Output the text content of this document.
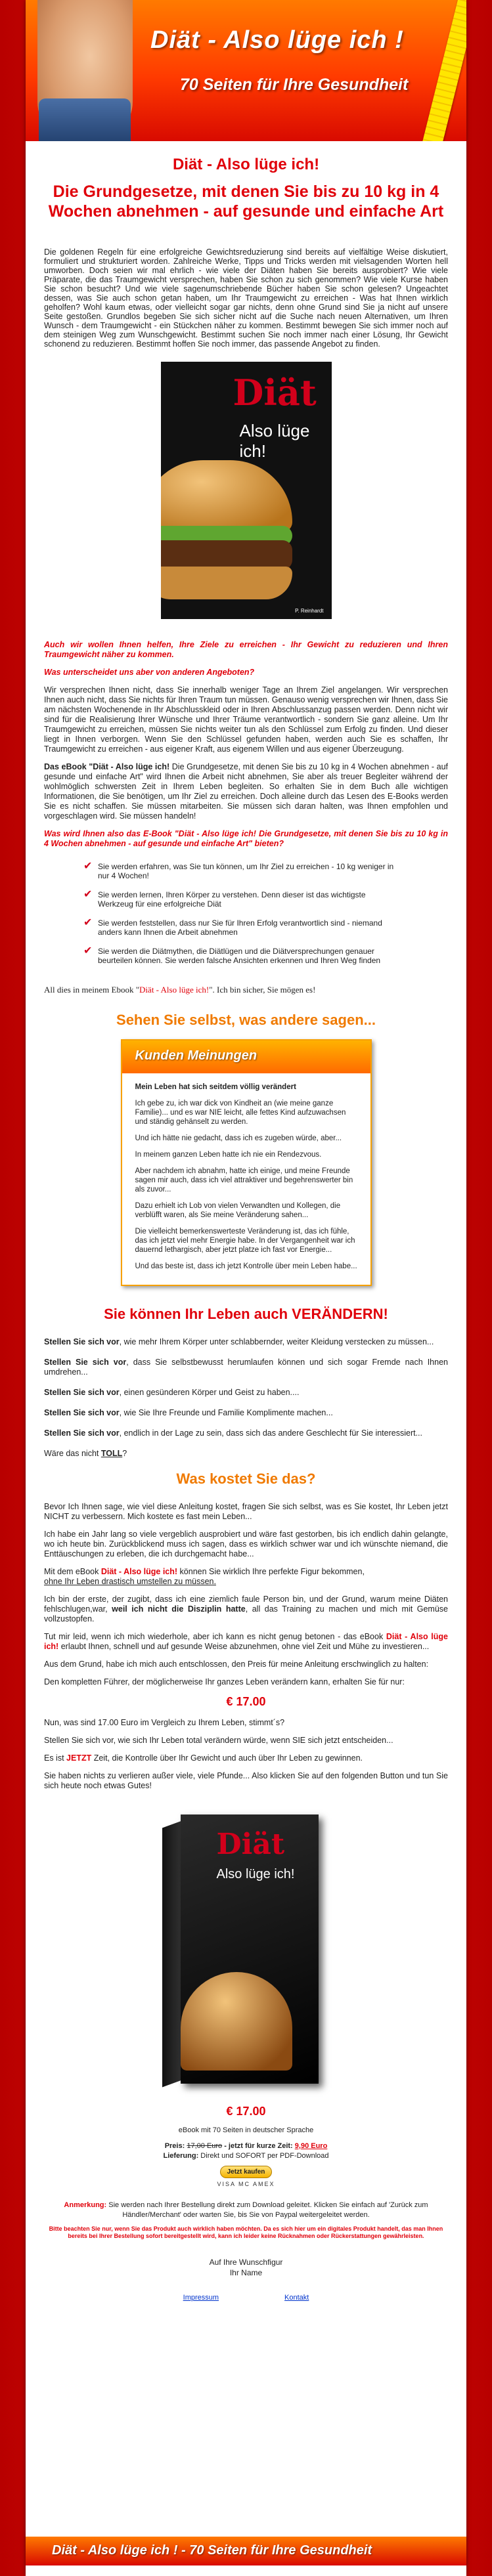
Diät - Also lüge ich !
70 Seiten für Ihre Gesundheit
Diät - Also lüge ich!
Die Grundgesetze, mit denen Sie bis zu 10 kg in 4 Wochen abnehmen - auf gesunde und einfache Art

Die goldenen Regeln für eine erfolgreiche Gewichtsreduzierung sind bereits auf vielfältige Weise diskutiert, formuliert und strukturiert worden. Zahlreiche Werke, Tipps und Tricks werden mit vielsagenden Worten hell umworben. Doch seien wir mal ehrlich - wie viele der Diäten haben Sie bereits ausprobiert? Wie viele Präparate, die das Traumgewicht versprechen, haben Sie schon zu sich genommen? Wie viele Kurse haben Sie schon besucht? Und wie viele sagenumschriebende Bücher haben Sie schon gelesen? Ungeachtet dessen, was Sie auch schon getan haben, um Ihr Traumgewicht zu erreichen - Was hat Ihnen wirklich geholfen? Wohl kaum etwas, oder vielleicht sogar gar nichts, denn ohne Grund sind Sie ja nicht auf unsere Seite gestoßen. Grundlos begeben Sie sich sicher nicht auf die Suche nach neuen Alternativen, um Ihren Wunsch - dem Traumgewicht - ein Stückchen näher zu kommen. Bestimmt bewegen Sie sich immer noch auf dem steinigen Weg zum Wunschgewicht. Bestimmt suchen Sie noch immer nach einer Lösung, Ihr Gewicht schonend zu reduzieren. Bestimmt hoffen Sie noch immer, das passende Angebot zu finden.

Diät
Also lüge ich!
P. Reinhardt

Auch wir wollen Ihnen helfen, Ihre Ziele zu erreichen - Ihr Gewicht zu reduzieren und Ihren Traumgewicht näher zu kommen.

Was unterscheidet uns aber von anderen Angeboten?

Wir versprechen Ihnen nicht, dass Sie innerhalb weniger Tage an Ihrem Ziel angelangen. Wir versprechen Ihnen auch nicht, dass Sie nichts für Ihren Traum tun müssen. Genauso wenig versprechen wir Ihnen, dass Sie am nächsten Wochenende in Ihr Abschlusskleid oder in Ihren Abschlussanzug passen werden. Denn nicht wir sind für die Realisierung Ihrer Wünsche und Ihrer Träume verantwortlich - sondern Sie ganz alleine. Um Ihr Traumgewicht zu erreichen, müssen Sie nichts weiter tun als den Schlüssel zum Erfolg zu finden. Und dieser liegt in Ihnen verborgen. Wenn Sie den Schlüssel gefunden haben, werden auch Sie es schaffen, Ihr Traumgewicht zu erreichen - aus eigener Kraft, aus eigenem Willen und aus eigener Überzeugung.

Das eBook "Diät - Also lüge ich! Die Grundgesetze, mit denen Sie bis zu 10 kg in 4 Wochen abnehmen - auf gesunde und einfache Art" wird Ihnen die Arbeit nicht abnehmen, Sie aber als treuer Begleiter während der wohlmöglich schwersten Zeit in Ihrem Leben begleiten. So erhalten Sie in dem Buch alle wichtigen Informationen, die Sie benötigen, um Ihr Ziel zu erreichen. Doch alleine durch das Lesen des E-Books werden Sie es nicht schaffen. Sie müssen mitarbeiten. Sie müssen sich daran halten, was Ihnen empfohlen und vorgeschlagen wird. Sie müssen handeln!

Was wird Ihnen also das E-Book "Diät - Also lüge ich! Die Grundgesetze, mit denen Sie bis zu 10 kg in 4 Wochen abnehmen - auf gesunde und einfache Art" bieten?

✔ Sie werden erfahren, was Sie tun können, um Ihr Ziel zu erreichen - 10 kg weniger in nur 4 Wochen!
✔ Sie werden lernen, Ihren Körper zu verstehen. Denn dieser ist das wichtigste Werkzeug für eine erfolgreiche Diät
✔ Sie werden feststellen, dass nur Sie für Ihren Erfolg verantwortlich sind - niemand anders kann Ihnen die Arbeit abnehmen
✔ Sie werden die Diätmythen, die Diätlügen und die Diätversprechungen genauer beurteilen können. Sie werden falsche Ansichten erkennen und Ihren Weg finden

All dies in meinem Ebook "Diät - Also lüge ich!". Ich bin sicher, Sie mögen es!

Sehen Sie selbst, was andere sagen...
Kunden Meinungen

Mein Leben hat sich seitdem völlig verändert

Ich gebe zu, ich war dick von Kindheit an (wie meine ganze Familie)... und es war NIE leicht, alle fettes Kind aufzuwachsen und ständig gehänselt zu werden.

Und ich hätte nie gedacht, dass ich es zugeben würde, aber...

In meinem ganzen Leben hatte ich nie ein Rendezvous.

Aber nachdem ich abnahm, hatte ich einige, und meine Freunde sagen mir auch, dass ich viel attraktiver und begehrenswerter bin als zuvor...

Dazu erhielt ich Lob von vielen Verwandten und Kollegen, die verblüfft waren, als Sie meine Veränderung sahen...

Die vielleicht bemerkenswerteste Veränderung ist, das ich fühle, das ich jetzt viel mehr Energie habe. In der Vergangenheit war ich dauernd lethargisch, aber jetzt platze ich fast vor Energie...

Und das beste ist, dass ich jetzt Kontrolle über mein Leben habe...

Sie können Ihr Leben auch VERÄNDERN!

Stellen Sie sich vor, wie mehr Ihrem Körper unter schlabbernder, weiter Kleidung verstecken zu müssen...

Stellen Sie sich vor, dass Sie selbstbewusst herumlaufen können und sich sogar Fremde nach Ihnen umdrehen...

Stellen Sie sich vor, einen gesünderen Körper und Geist zu haben....

Stellen Sie sich vor, wie Sie Ihre Freunde und Familie Komplimente machen...

Stellen Sie sich vor, endlich in der Lage zu sein, dass sich das andere Geschlecht für Sie interessiert...

Wäre das nicht TOLL?

Was kostet Sie das?

Bevor Ich Ihnen sage, wie viel diese Anleitung kostet, fragen Sie sich selbst, was es Sie kostet, Ihr Leben jetzt NICHT zu verbessern. Mich kostete es fast mein Leben...

Ich habe ein Jahr lang so viele vergeblich ausprobiert und wäre fast gestorben, bis ich endlich dahin gelangte, wo ich heute bin. Zurückblickend muss ich sagen, dass es wirklich schwer war und ich wünschte niemand, die Enttäuschungen zu erleben, die ich durchgemacht habe...

Mit dem eBook Diät - Also lüge ich! können Sie wirklich Ihre perfekte Figur bekommen,
ohne Ihr Leben drastisch umstellen zu müssen.

Ich bin der erste, der zugibt, dass ich eine ziemlich faule Person bin, und der Grund, warum meine Diäten fehlschlugen,war, weil ich nicht die Disziplin hatte, all das Training zu machen und mich mit Gemüse vollzustopfen.

Tut mir leid, wenn ich mich wiederhole, aber ich kann es nicht genug betonen - das eBook Diät - Also lüge ich! erlaubt Ihnen, schnell und auf gesunde Weise abzunehmen, ohne viel Zeit und Mühe zu investieren...

Aus dem Grund, habe ich mich auch entschlossen, den Preis für meine Anleitung erschwinglich zu halten:

Den kompletten Führer, der möglicherweise Ihr ganzes Leben verändern kann, erhalten Sie für nur:

€ 17.00

Nun, was sind 17.00 Euro im Vergleich zu Ihrem Leben, stimmt´s?

Stellen Sie sich vor, wie sich Ihr Leben total verändern würde, wenn SIE sich jetzt entscheiden...

Es ist JETZT Zeit, die Kontrolle über Ihr Gewicht und auch über Ihr Leben zu gewinnen.

Sie haben nichts zu verlieren außer viele, viele Pfunde... Also klicken Sie auf den folgenden Button und tun Sie sich heute noch etwas Gutes!

Diät
Also lüge ich!
€ 17.00
eBook mit 70 Seiten in deutscher Sprache
Preis: 17,00 Euro - jetzt für kurze Zeit: 9,90 Euro
Lieferung: Direkt und SOFORT per PDF-Download
Jetzt kaufen
VISA MC AMEX

Anmerkung: Sie werden nach Ihrer Bestellung direkt zum Download geleitet. Klicken Sie einfach auf 'Zurück zum Händler/Merchant' oder warten Sie, bis Sie von Paypal weitergeleitet werden.

Bitte beachten Sie nur, wenn Sie das Produkt auch wirklich haben möchten. Da es sich hier um ein digitales Produkt handelt, das man Ihnen bereits bei Ihrer Bestellung sofort bereitgestellt wird, kann ich leider keine Rücknahmen oder Rückerstattungen gewährleisten.

Auf Ihre Wunschfigur
Ihr Name
Impressum	Kontakt
Diät - Also lüge ich ! - 70 Seiten für Ihre Gesundheit
